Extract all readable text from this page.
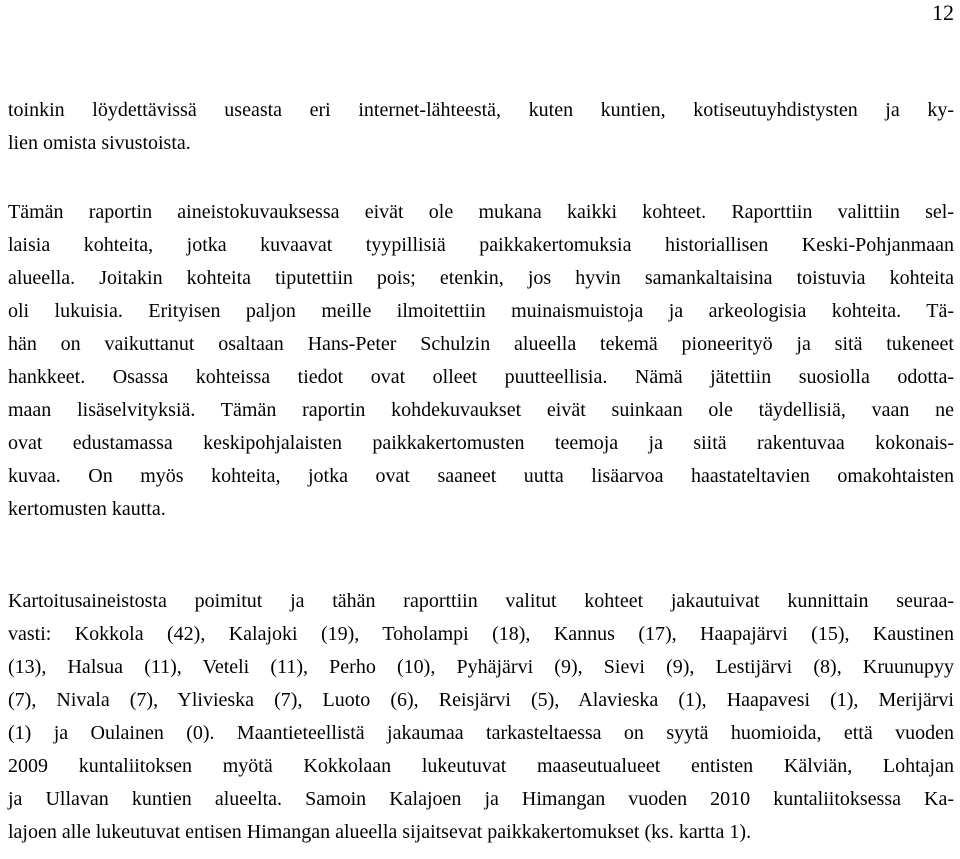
12
toinkin löydettävissä useasta eri internet-lähteestä, kuten kuntien, kotiseutuyhdistysten ja ky-
lien omista sivustoista.
Tämän raportin aineistokuvauksessa eivät ole mukana kaikki kohteet. Raporttiin valittiin sel-
laisia kohteita, jotka kuvaavat tyypillisiä paikkakertomuksia historiallisen Keski-Pohjanmaan
alueella. Joitakin kohteita tiputettiin pois; etenkin, jos hyvin samankaltaisina toistuvia kohteita
oli lukuisia. Erityisen paljon meille ilmoitettiin muinaismuistoja ja arkeologisia kohteita. Tä-
hän on vaikuttanut osaltaan Hans-Peter Schulzin alueella tekemä pioneerityö ja sitä tukeneet
hankkeet. Osassa kohteissa tiedot ovat olleet puutteellisia. Nämä jätettiin suosiolla odotta-
maan lisäselvityksiä. Tämän raportin kohdekuvaukset eivät suinkaan ole täydellisiä, vaan ne
ovat edustamassa keskipohjalaisten paikkakertomusten teemoja ja siitä rakentuvaa kokonais-
kuvaa. On myös kohteita, jotka ovat saaneet uutta lisäarvoa haastateltavien omakohtaisten
kertomusten kautta.
Kartoitusaineistosta poimitut ja tähän raporttiin valitut kohteet jakautuivat kunnittain seuraa-
vasti: Kokkola (42), Kalajoki (19), Toholampi (18), Kannus (17), Haapajärvi (15), Kaustinen
(13), Halsua (11), Veteli (11), Perho (10), Pyhäjärvi (9), Sievi (9), Lestijärvi (8), Kruunupyy
(7), Nivala (7), Ylivieska (7), Luoto (6), Reisjärvi (5), Alavieska (1), Haapavesi (1), Merijärvi
(1) ja Oulainen (0). Maantieteellistä jakaumaa tarkasteltaessa on syytä huomioida, että vuoden
2009 kuntaliitoksen myötä Kokkolaan lukeutuvat maaseutualueet entisten Kälviän, Lohtajan
ja Ullavan kuntien alueelta. Samoin Kalajoen ja Himangan vuoden 2010 kuntaliitoksessa Ka-
lajoen alle lukeutuvat entisen Himangan alueella sijaitsevat paikkakertomukset (ks. kartta 1).
